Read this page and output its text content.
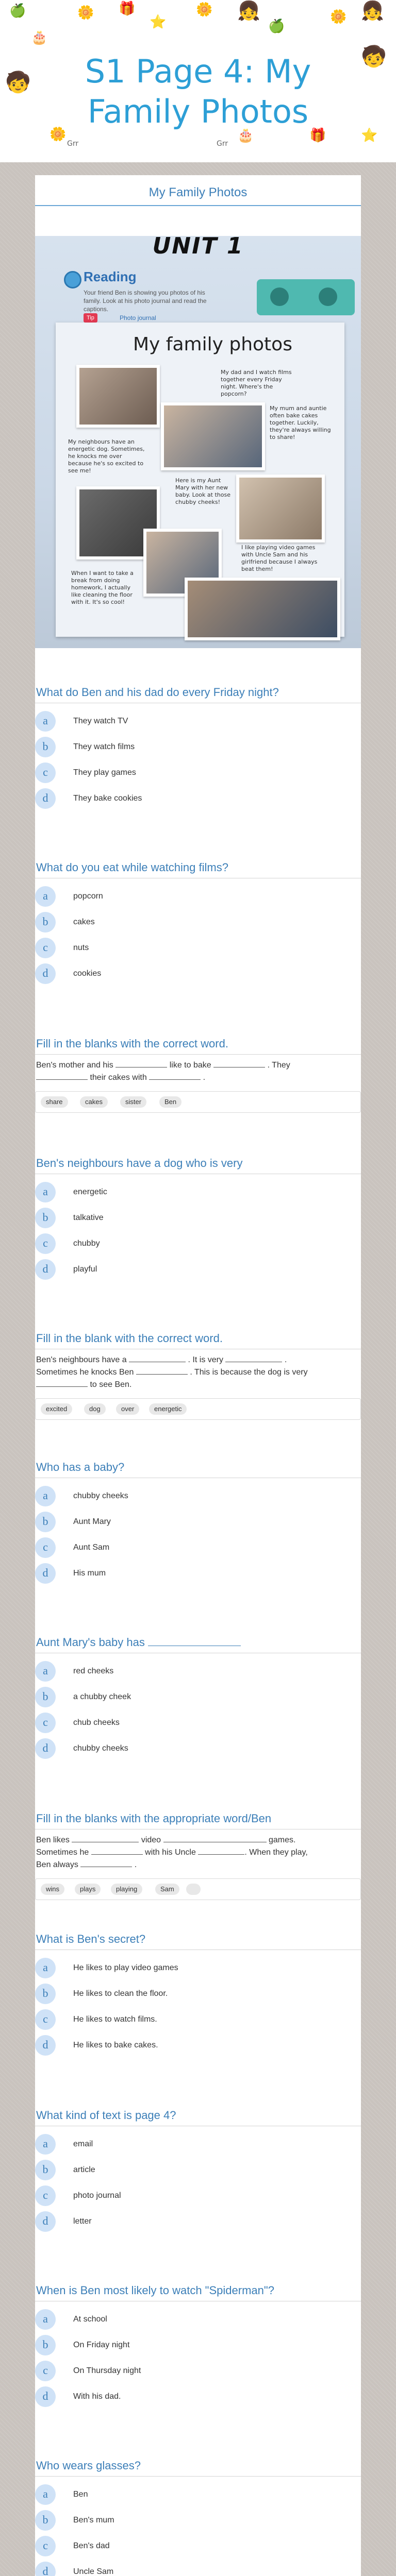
🍏
🍏
🌼	🌼	🌼
🌼
⭐
⭐
🎂
🎂
🎁
🎁
🧒
🧒
👧	👧
Grr	Grr
S1 Page 4: My
Family Photos
My Family Photos
UNIT 1
Reading
Your friend Ben is showing you photos of his family. Look at his photo journal and read the captions.
Tip	Photo journal
My family photos
My dad and I watch films together every Friday night. Where's the popcorn?
My mum and auntie often bake cakes together. Luckily, they're always willing to share!
My neighbours have an energetic dog. Sometimes, he knocks me over because he's so excited to see me!
Here is my Aunt Mary with her new baby. Look at those chubby cheeks!
When I want to take a break from doing homework, I actually like cleaning the floor with it. It's so cool!
I like playing video games with Uncle Sam and his girlfriend because I always beat them!
What do Ben and his dad do every Friday night?
a	They watch TV
b	They watch films
c	They play games
d	They bake cookies
What do you eat while watching films?
a	popcorn
b	cakes
c	nuts
d	cookies
Fill in the blanks with the correct word.
Ben's mother and his	like to bake	. They
their cakes with	.
share	cakes	sister	Ben
Ben's neighbours have a dog who is very
a	energetic
b	talkative
c	chubby
d	playful
Fill in the blank with the correct word.
Ben's neighbours have a	. It is very	.
Sometimes he knocks Ben	. This is because the dog is very
to see Ben.
excited	dog	over	energetic
Who has a baby?
a	chubby cheeks
b	Aunt Mary
c	Aunt Sam
d	His mum
Aunt Mary's baby has
a	red cheeks
b	a chubby cheek
c	chub cheeks
d	chubby cheeks
Fill in the blanks with the appropriate word/Ben
Ben likes	video	games.
Sometimes he	with his Uncle	. When they play,
Ben always	.
wins	plays	playing	Sam
What is Ben's secret?
a	He likes to play video games
b	He likes to clean the floor.
c	He likes to watch films.
d	He likes to bake cakes.
What kind of text is page 4?
a	email
b	article
c	photo journal
d	letter
When is Ben most likely to watch "Spiderman"?
a	At school
b	On Friday night
c	On Thursday night
d	With his dad.
Who wears glasses?
a	Ben
b	Ben's mum
c	Ben's dad
d	Uncle Sam
